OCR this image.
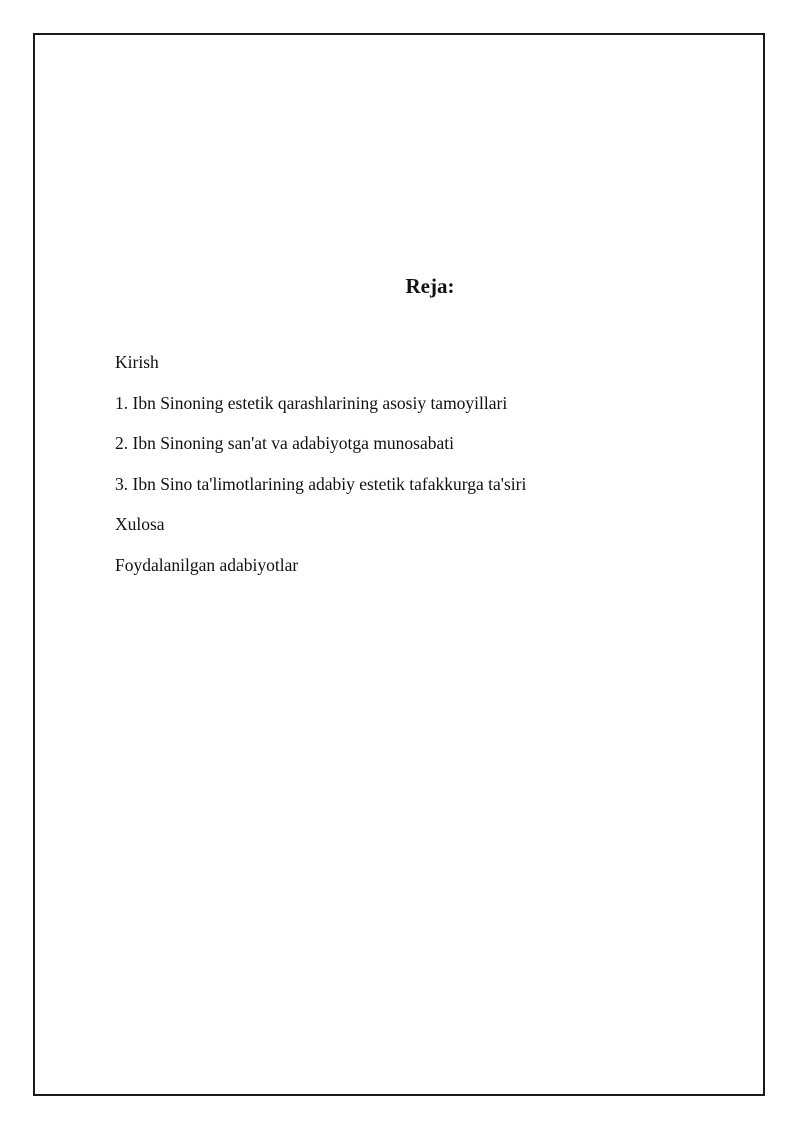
Reja:
Kirish
1. Ibn Sinoning estetik qarashlarining asosiy tamoyillari
2. Ibn Sinoning san'at va adabiyotga munosabati
3. Ibn Sino ta'limotlarining adabiy estetik tafakkurga ta'siri
Xulosa
Foydalanilgan adabiyotlar
